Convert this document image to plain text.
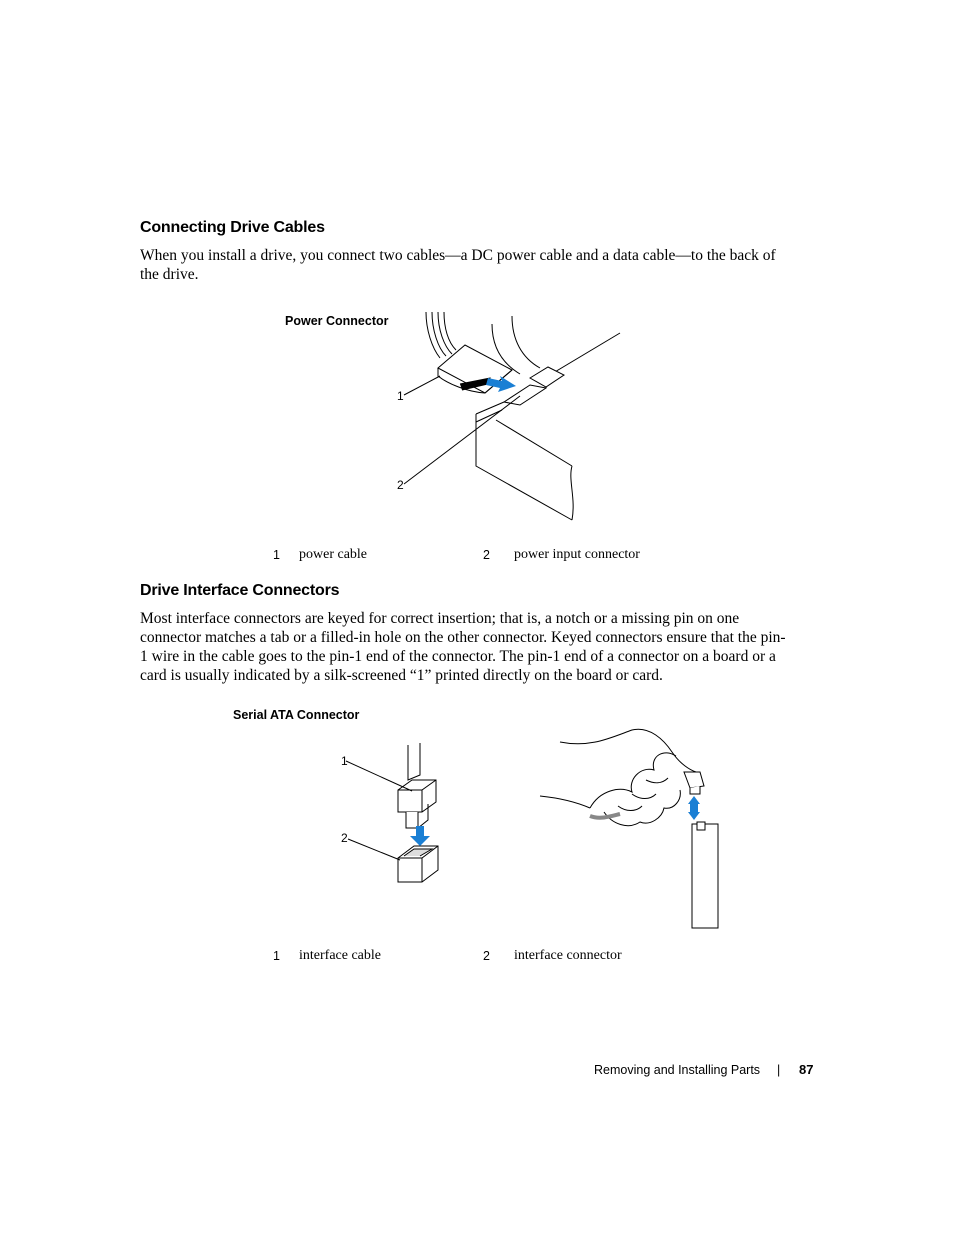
Connecting Drive Cables
When you install a drive, you connect two cables—a DC power cable and a data cable—to the back of
the drive.
Power Connector
1
2
1 power cable	2 power input connector
Drive Interface Connectors
Most interface connectors are keyed for correct insertion; that is, a notch or a missing pin on one
connector matches a tab or a filled-in hole on the other connector. Keyed connectors ensure that the pin-
1 wire in the cable goes to the pin-1 end of the connector. The pin-1 end of a connector on a board or a
card is usually indicated by a silk-screened “1” printed directly on the board or card.
Serial ATA Connector
1
2
1 interface cable	2 interface connector
Removing and Installing Parts | 87
